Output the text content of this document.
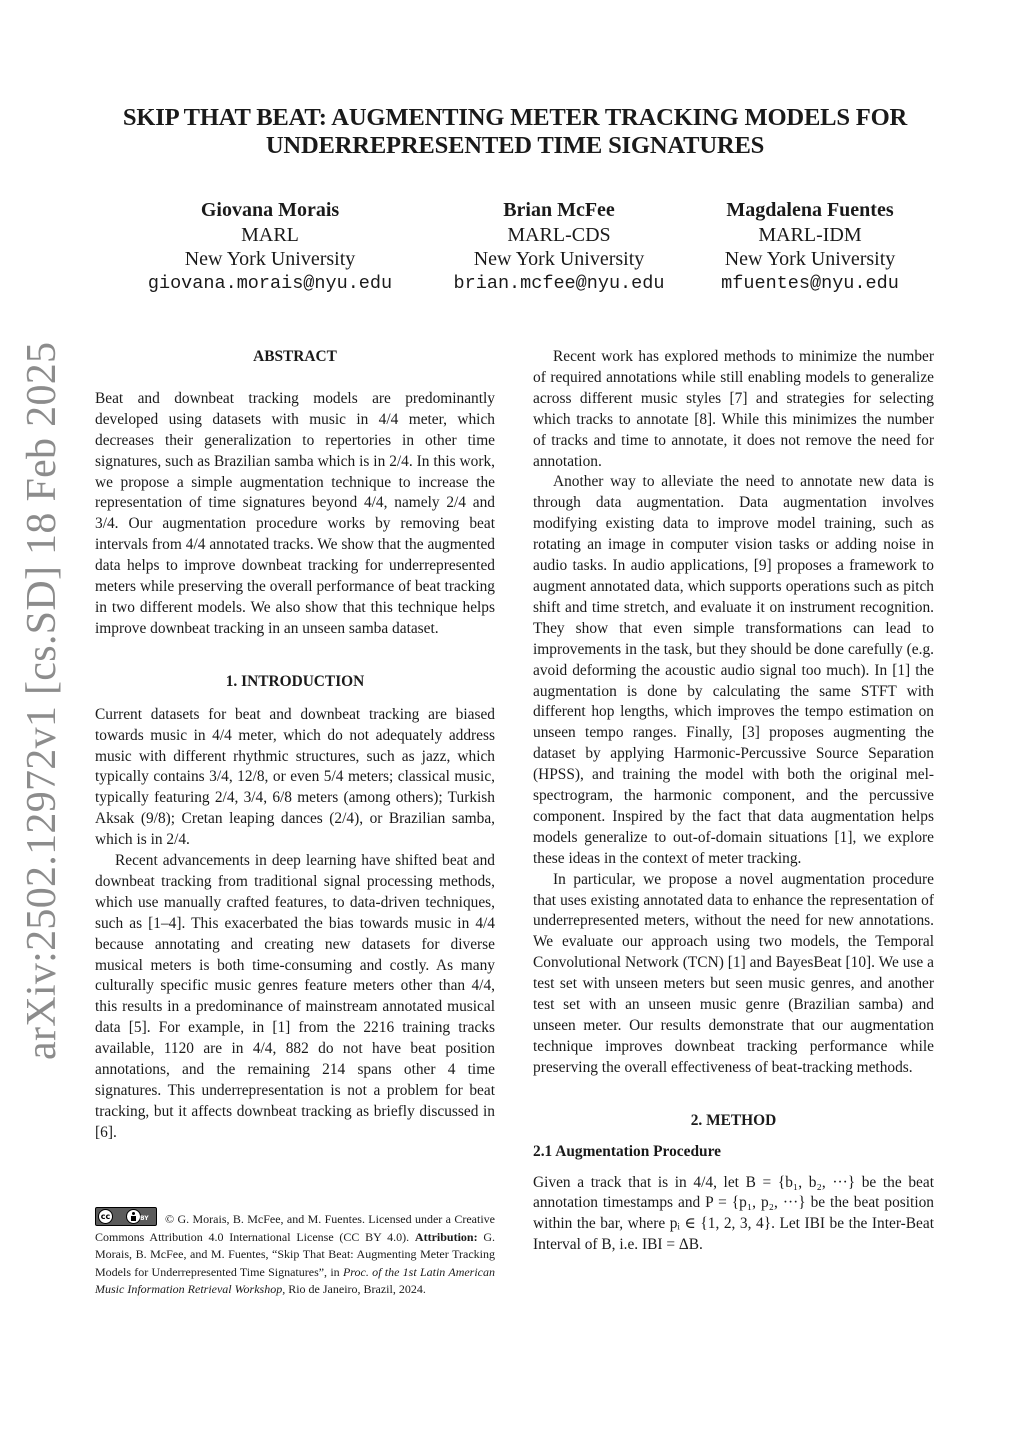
arXiv:2502.12972v1 [cs.SD] 18 Feb 2025
SKIP THAT BEAT: AUGMENTING METER TRACKING MODELS FOR UNDERREPRESENTED TIME SIGNATURES
Giovana Morais
MARL
New York University
giovana.morais@nyu.edu
Brian McFee
MARL-CDS
New York University
brian.mcfee@nyu.edu
Magdalena Fuentes
MARL-IDM
New York University
mfuentes@nyu.edu
ABSTRACT

Beat and downbeat tracking models are predominantly developed using datasets with music in 4/4 meter, which decreases their generalization to repertories in other time signatures, such as Brazilian samba which is in 2/4. In this work, we propose a simple augmentation technique to increase the representation of time signatures beyond 4/4, namely 2/4 and 3/4. Our augmentation procedure works by removing beat intervals from 4/4 annotated tracks. We show that the augmented data helps to improve downbeat tracking for underrepresented meters while preserving the overall performance of beat tracking in two different models. We also show that this technique helps improve downbeat tracking in an unseen samba dataset.

1. INTRODUCTION

Current datasets for beat and downbeat tracking are biased towards music in 4/4 meter, which do not adequately address music with different rhythmic structures, such as jazz, which typically contains 3/4, 12/8, or even 5/4 meters; classical music, typically featuring 2/4, 3/4, 6/8 meters (among others); Turkish Aksak (9/8); Cretan leaping dances (2/4), or Brazilian samba, which is in 2/4.

Recent advancements in deep learning have shifted beat and downbeat tracking from traditional signal processing methods, which use manually crafted features, to data-driven techniques, such as [1–4]. This exacerbated the bias towards music in 4/4 because annotating and creating new datasets for diverse musical meters is both time-consuming and costly. As many culturally specific music genres feature meters other than 4/4, this results in a predominance of mainstream annotated musical data [5]. For example, in [1] from the 2216 training tracks available, 1120 are in 4/4, 882 do not have beat position annotations, and the remaining 214 spans other 4 time signatures. This underrepresentation is not a problem for beat tracking, but it affects downbeat tracking as briefly discussed in [6].

cc	BY © G. Morais, B. McFee, and M. Fuentes. Licensed under a Creative Commons Attribution 4.0 International License (CC BY 4.0). Attribution: G. Morais, B. McFee, and M. Fuentes, “Skip That Beat: Augmenting Meter Tracking Models for Underrepresented Time Signatures”, in Proc. of the 1st Latin American Music Information Retrieval Workshop, Rio de Janeiro, Brazil, 2024.

Recent work has explored methods to minimize the number of required annotations while still enabling models to generalize across different music styles [7] and strategies for selecting which tracks to annotate [8]. While this minimizes the number of tracks and time to annotate, it does not remove the need for annotation.

Another way to alleviate the need to annotate new data is through data augmentation. Data augmentation involves modifying existing data to improve model training, such as rotating an image in computer vision tasks or adding noise in audio tasks. In audio applications, [9] proposes a framework to augment annotated data, which supports operations such as pitch shift and time stretch, and evaluate it on instrument recognition. They show that even simple transformations can lead to improvements in the task, but they should be done carefully (e.g. avoid deforming the acoustic audio signal too much). In [1] the augmentation is done by calculating the same STFT with different hop lengths, which improves the tempo estimation on unseen tempo ranges. Finally, [3] proposes augmenting the dataset by applying Harmonic-Percussive Source Separation (HPSS), and training the model with both the original mel-spectrogram, the harmonic component, and the percussive component. Inspired by the fact that data augmentation helps models generalize to out-of-domain situations [1], we explore these ideas in the context of meter tracking.

In particular, we propose a novel augmentation procedure that uses existing annotated data to enhance the representation of underrepresented meters, without the need for new annotations. We evaluate our approach using two models, the Temporal Convolutional Network (TCN) [1] and BayesBeat [10]. We use a test set with unseen meters but seen music genres, and another test set with an unseen music genre (Brazilian samba) and unseen meter. Our results demonstrate that our augmentation technique improves downbeat tracking performance while preserving the overall effectiveness of beat-tracking methods.

2. METHOD
2.1 Augmentation Procedure

Given a track that is in 4/4, let B = {b₁, b₂, ···} be the beat annotation timestamps and P = {p₁, p₂, ···} be the beat position within the bar, where pᵢ ∈ {1, 2, 3, 4}. Let IBI be the Inter-Beat Interval of B, i.e. IBI = ΔB.
